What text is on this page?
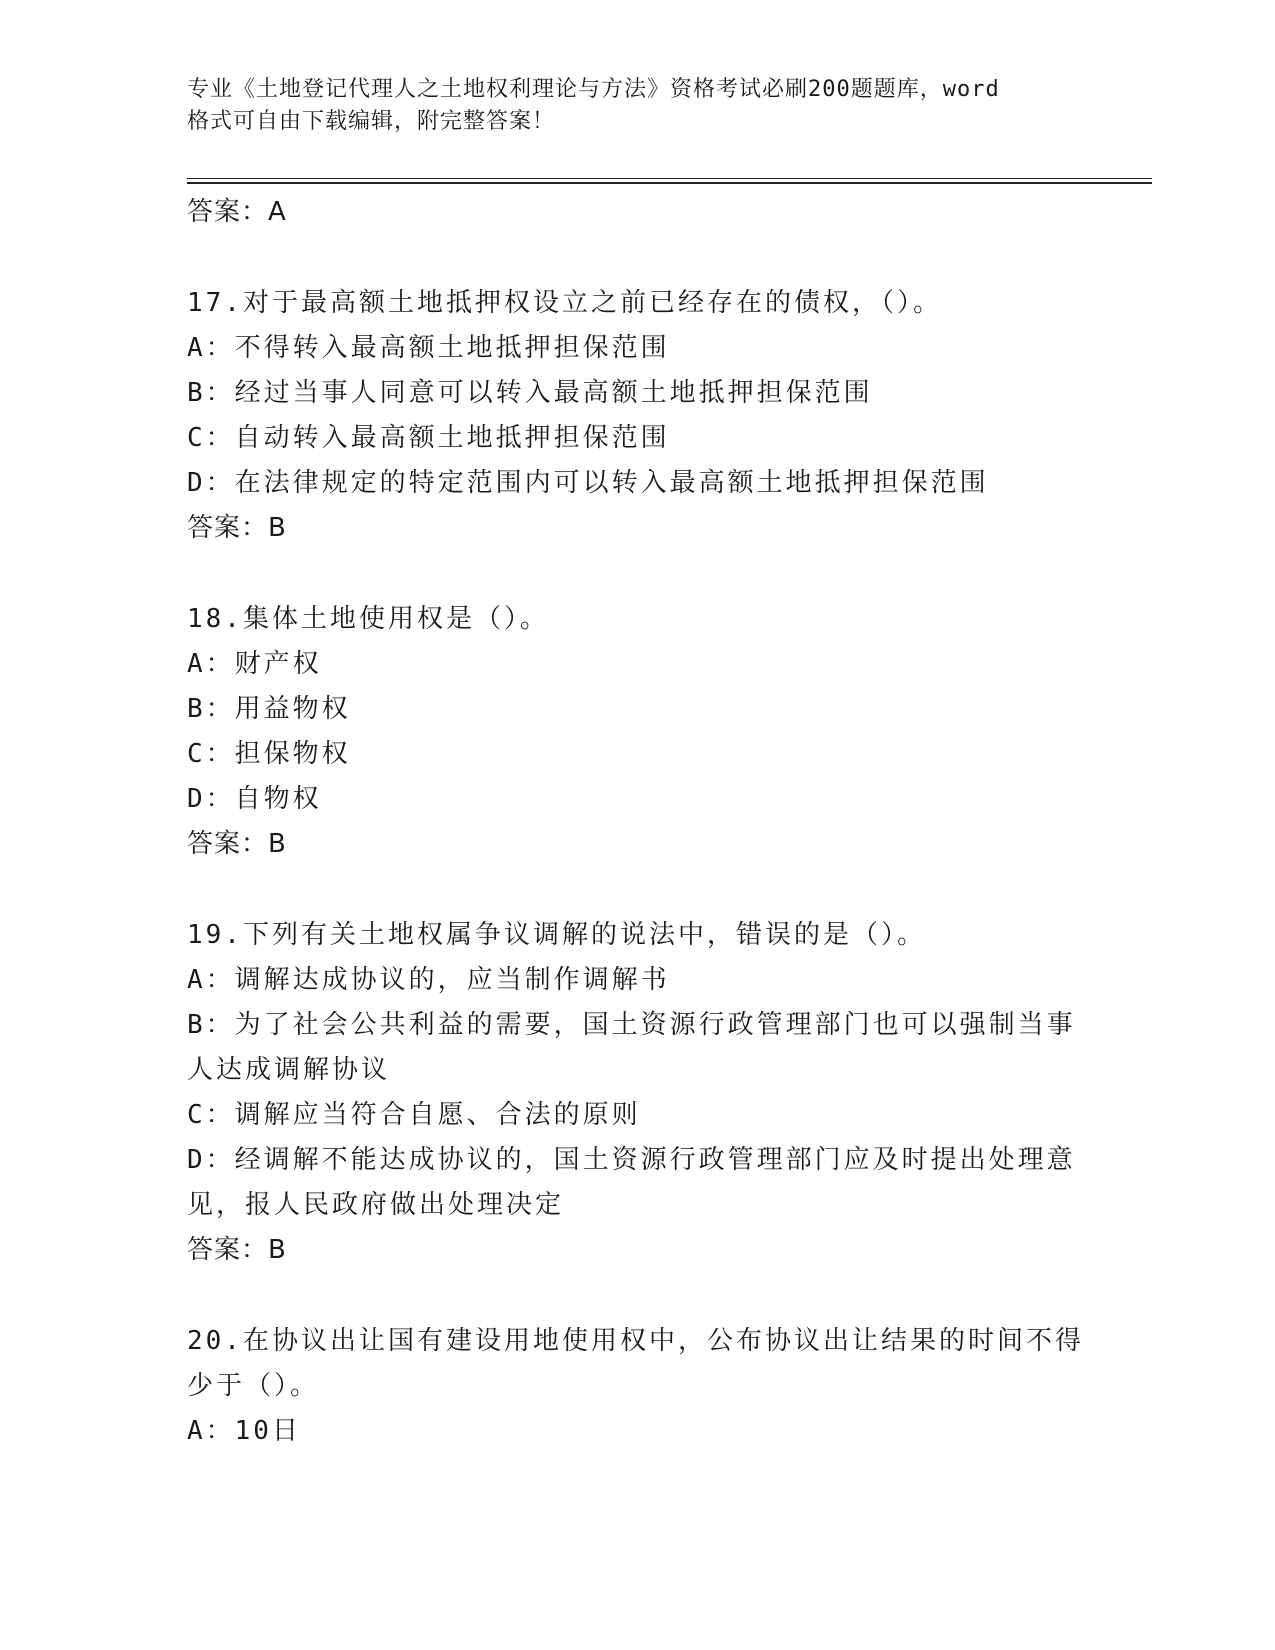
专业《土地登记代理人之土地权利理论与方法》资格考试必刷200题题库，word
格式可自由下载编辑，附完整答案！
答案：A
17.对于最高额土地抵押权设立之前已经存在的债权，（）。
A：不得转入最高额土地抵押担保范围
B：经过当事人同意可以转入最高额土地抵押担保范围
C：自动转入最高额土地抵押担保范围
D：在法律规定的特定范围内可以转入最高额土地抵押担保范围
答案：B
18.集体土地使用权是（）。
A：财产权
B：用益物权
C：担保物权
D：自物权
答案：B
19.下列有关土地权属争议调解的说法中，错误的是（）。
A：调解达成协议的，应当制作调解书
B：为了社会公共利益的需要，国土资源行政管理部门也可以强制当事人达成调解协议
C：调解应当符合自愿、合法的原则
D：经调解不能达成协议的，国土资源行政管理部门应及时提出处理意见，报人民政府做出处理决定
答案：B
20.在协议出让国有建设用地使用权中，公布协议出让结果的时间不得少于（）。
A：10日
